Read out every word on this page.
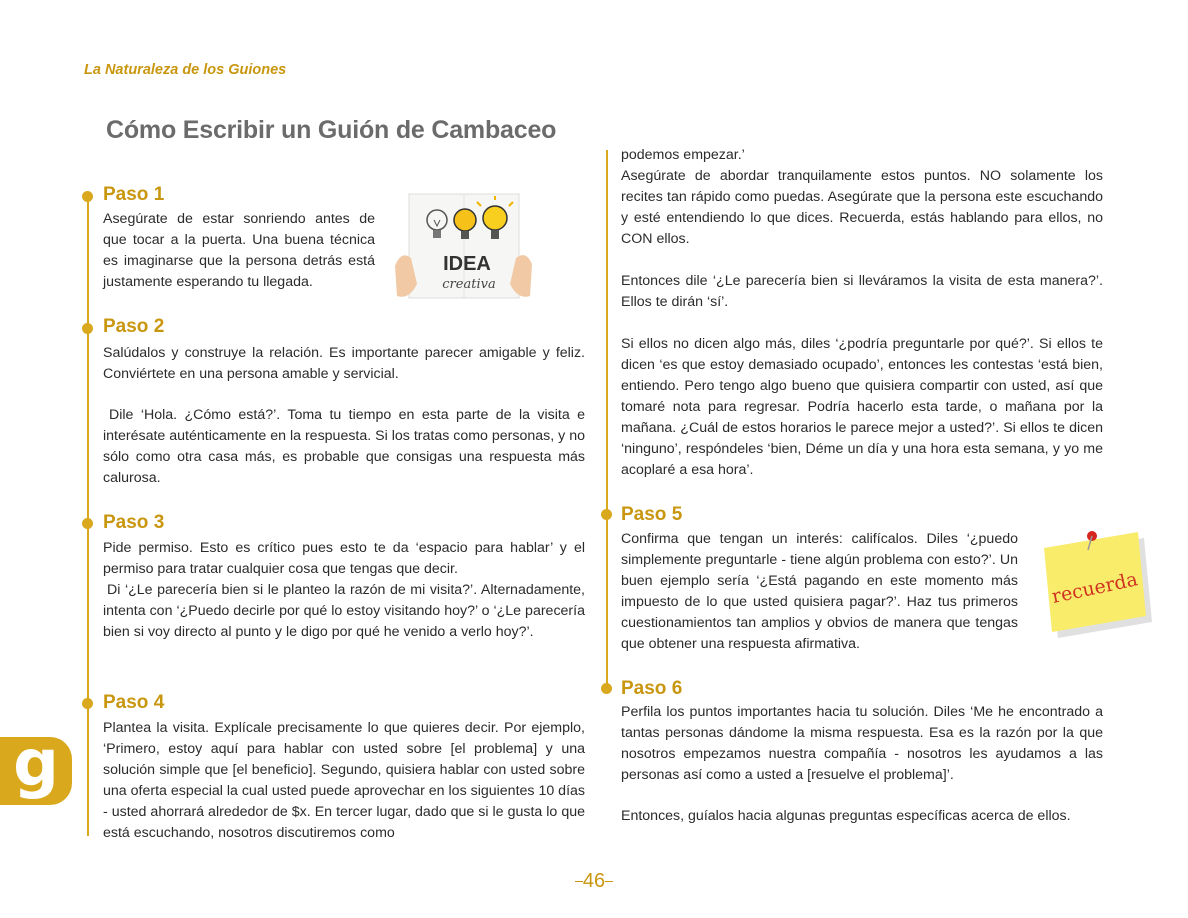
La Naturaleza de los Guiones
Cómo Escribir un Guión de Cambaceo
Paso 1

Asegúrate de estar sonriendo antes de que tocar a la puerta. Una buena técnica es imaginarse que la persona detrás está justamente esperando tu llegada.

IDEA
creativa
Paso 2

Salúdalos y construye la relación. Es importante parecer amigable y feliz. Conviértete en una persona amable y servicial.

Dile ‘Hola. ¿Cómo está?’. Toma tu tiempo en esta parte de la visita e interésate auténticamente en la respuesta. Si los tratas como personas, y no sólo como otra casa más, es probable que consigas una respuesta más calurosa.

Paso 3

Pide permiso. Esto es crítico pues esto te da ‘espacio para hablar’ y el permiso para tratar cualquier cosa que tengas que decir.

Di ‘¿Le parecería bien si le planteo la razón de mi visita?’. Alternadamente, intenta con ‘¿Puedo decirle por qué lo estoy visitando hoy?’ o ‘¿Le parecería bien si voy directo al punto y le digo por qué he venido a verlo hoy?’.

Paso 4

Plantea la visita. Explícale precisamente lo que quieres decir. Por ejemplo, ‘Primero, estoy aquí para hablar con usted sobre [el problema] y una solución simple que [el beneficio]. Segundo, quisiera hablar con usted sobre una oferta especial la cual usted puede aprovechar en los siguientes 10 días - usted ahorrará alrededor de $x. En tercer lugar, dado que si le gusta lo que está escuchando, nosotros discutiremos como

podemos empezar.’

Asegúrate de abordar tranquilamente estos puntos. NO solamente los recites tan rápido como puedas. Asegúrate que la persona este escuchando y esté entendiendo lo que dices. Recuerda, estás hablando para ellos, no CON ellos.

Entonces dile ‘¿Le parecería bien si lleváramos la visita de esta manera?’. Ellos te dirán ‘sí’.

Si ellos no dicen algo más, diles ‘¿podría preguntarle por qué?’. Si ellos te dicen ‘es que estoy demasiado ocupado’, entonces les contestas ‘está bien, entiendo. Pero tengo algo bueno que quisiera compartir con usted, así que tomaré nota para regresar. Podría hacerlo esta tarde, o mañana por la mañana. ¿Cuál de estos horarios le parece mejor a usted?’. Si ellos te dicen ‘ninguno’, respóndeles ‘bien, Déme un día y una hora esta semana, y yo me acoplaré a esa hora’.

Paso 5

Confirma que tengan un interés: califícalos. Diles ‘¿puedo simplemente preguntarle - tiene algún problema con esto?’. Un buen ejemplo sería ‘¿Está pagando en este momento más impuesto de lo que usted quisiera pagar?’. Haz tus primeros cuestionamientos tan amplios y obvios de manera que tengas que obtener una respuesta afirmativa.

recuerda
Paso 6

Perfila los puntos importantes hacia tu solución. Diles ‘Me he encontrado a tantas personas dándome la misma respuesta. Esa es la razón por la que nosotros empezamos nuestra compañía - nosotros les ayudamos a las personas así como a usted a [resuelve el problema]’.

Entonces, guíalos hacia algunas preguntas específicas acerca de ellos.

g
46
